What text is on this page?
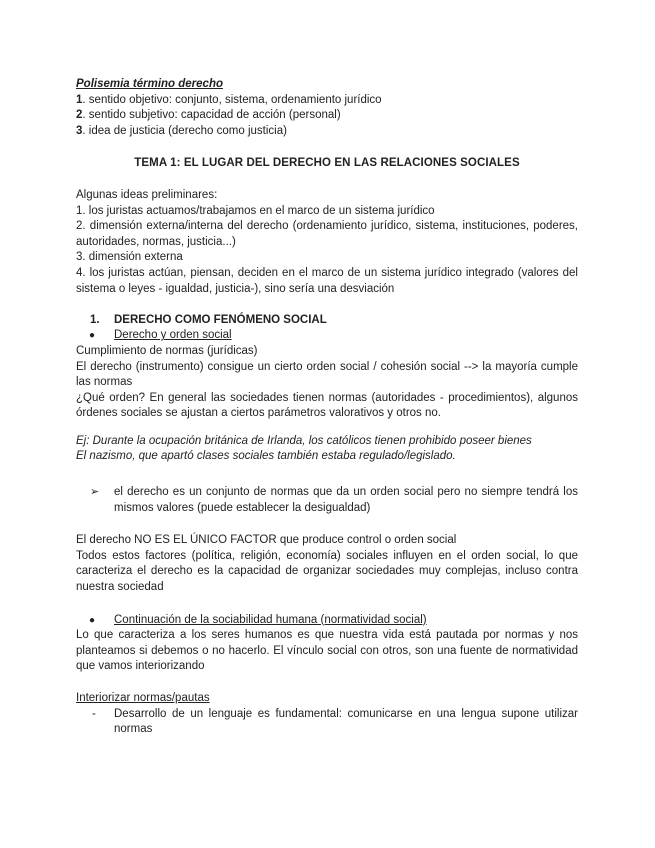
Polisemia término derecho

1. sentido objetivo: conjunto, sistema, ordenamiento jurídico

2. sentido subjetivo: capacidad de acción (personal)

3. idea de justicia (derecho como justicia)

TEMA 1: EL LUGAR DEL DERECHO EN LAS RELACIONES SOCIALES

Algunas ideas preliminares:

1. los juristas actuamos/trabajamos en el marco de un sistema jurídico

2. dimensión externa/interna del derecho (ordenamiento jurídico, sistema, instituciones, poderes, autoridades, normas, justicia...)

3. dimensión externa

4. los juristas actúan, piensan, deciden en el marco de un sistema jurídico integrado (valores del sistema o leyes - igualdad, justicia-), sino sería una desviación

1. DERECHO COMO FENÓMENO SOCIAL

● Derecho y orden social

Cumplimiento de normas (jurídicas)

El derecho (instrumento) consigue un cierto orden social / cohesión social --> la mayoría cumple las normas

¿Qué orden? En general las sociedades tienen normas (autoridades - procedimientos), algunos órdenes sociales se ajustan a ciertos parámetros valorativos y otros no.

Ej: Durante la ocupación británica de Irlanda, los católicos tienen prohibido poseer bienes

El nazismo, que apartó clases sociales también estaba regulado/legislado.

➢ el derecho es un conjunto de normas que da un orden social pero no siempre tendrá los mismos valores (puede establecer la desigualdad)

El derecho NO ES EL ÚNICO FACTOR que produce control o orden social

Todos estos factores (política, religión, economía) sociales influyen en el orden social, lo que caracteriza el derecho es la capacidad de organizar sociedades muy complejas, incluso contra nuestra sociedad

● Continuación de la sociabilidad humana (normatividad social)

Lo que caracteriza a los seres humanos es que nuestra vida está pautada por normas y nos planteamos si debemos o no hacerlo. El vínculo social con otros, son una fuente de normatividad que vamos interiorizando

Interiorizar normas/pautas

- Desarrollo de un lenguaje es fundamental: comunicarse en una lengua supone utilizar normas
